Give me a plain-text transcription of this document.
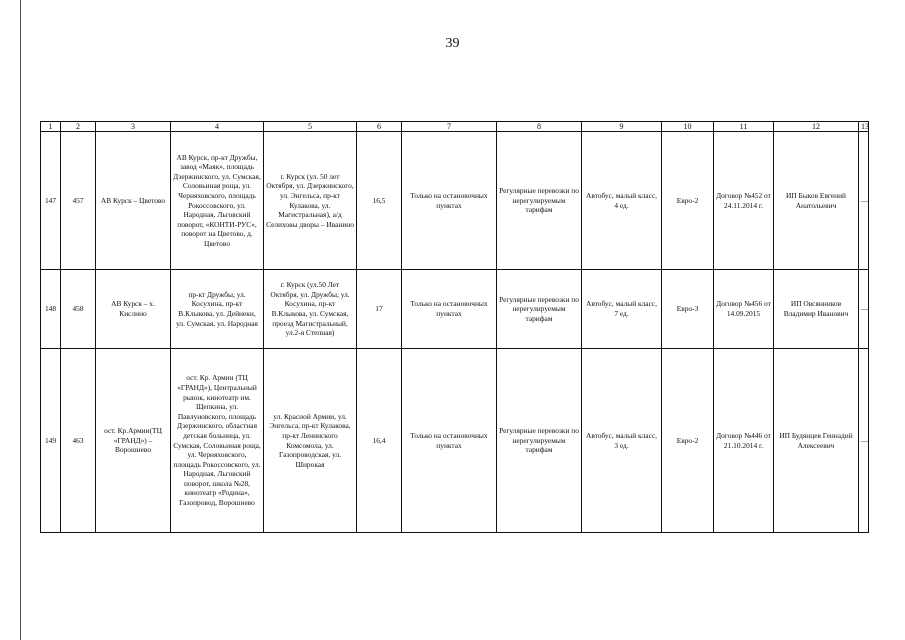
39
1	2	3	4	5	6	7	8	9	10	11	12	13
147	457	АВ Курск – Цветово	АВ Курск, пр-кт Дружбы, завод «Маяк», площадь Дзержинского, ул. Сумская, Соловьиная роща, ул. Черняховского, площадь Рокоссовского, ул. Народная, Льговский поворот, «КОНТИ-РУС», поворот на Цветово, д. Цветово	г. Курск (ул. 50 лет Октября, ул. Дзержинского, ул. Энгельса, пр-кт Кулакова, ул. Магистральная), а/д Селиховы дворы – Иванино	16,5	Только на остановочных пунктах	Регулярные перевозки по нерегулируемым тарифам	Автобус, малый класс, 4 ед.	Евро-2	Договор №452 от 24.11.2014 г.	ИП Быков Евгений Анатольевич	—
148	458	АВ Курск – х. Кислино	пр-кт Дружбы, ул. Косухина, пр-кт В.Клыкова, ул. Дейнеки, ул. Сумская, ул. Народная	г. Курск (ул.50 Лет Октября, ул. Дружбы, ул. Косухина, пр-кт В.Клыкова, ул. Сумская, проезд Магистральный, ул.2-я Степная)	17	Только на остановочных пунктах	Регулярные перевозки по нерегулируемым тарифам	Автобус, малый класс, 7 ед.	Евро-3	Договор №456 от 14.09.2015	ИП Овсянников Владимир Иванович	—
149	463	ост. Кр.Армии(ТЦ «ГРАНД») – Ворошнево	ост. Кр. Армии (ТЦ «ГРАНД»), Центральный рынок, кинотеатр им. Щепкина, ул. Павлуновского, площадь Дзержинского, областная детская больница, ул. Сумская, Соловьиная роща, ул. Черняховского, площадь Рокоссовского, ул. Народная, Льговский поворот, школа №28, кинотеатр «Родина», Газопровод, Ворошнево	ул. Красной Армии, ул. Энгельса, пр-кт Кулакова, пр-кт Ленинского Комсомола, ул. Газопроводская, ул. Широкая	16,4	Только на остановочных пунктах	Регулярные перевозки по нерегулируемым тарифам	Автобус, малый класс, 3 ед.	Евро-2	Договор №446 от 21.10.2014 г.	ИП Будянцев Геннадий Алексеевич	—
